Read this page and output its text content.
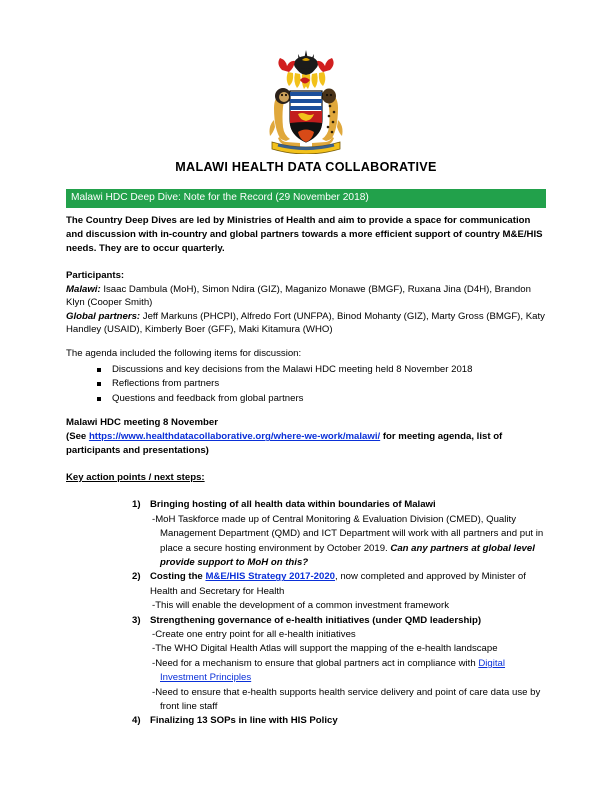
MALAWI HEALTH DATA COLLABORATIVE
Malawi HDC Deep Dive: Note for the Record (29 November 2018)
The Country Deep Dives are led by Ministries of Health and aim to provide a space for communication and discussion with in-country and global partners towards a more efficient support of country M&E/HIS needs. They are to occur quarterly.
Participants:
Malawi: Isaac Dambula (MoH), Simon Ndira (GIZ), Maganizo Monawe (BMGF), Ruxana Jina (D4H), Brandon Klyn (Cooper Smith)
Global partners: Jeff Markuns (PHCPI), Alfredo Fort (UNFPA), Binod Mohanty (GIZ), Marty Gross (BMGF), Katy Handley (USAID), Kimberly Boer (GFF), Maki Kitamura (WHO)
The agenda included the following items for discussion:
Discussions and key decisions from the Malawi HDC meeting held 8 November 2018
Reflections from partners
Questions and feedback from global partners
Malawi HDC meeting 8 November
(See https://www.healthdatacollaborative.org/where-we-work/malawi/ for meeting agenda, list of participants and presentations)
Key action points / next steps:
1) Bringing hosting of all health data within boundaries of Malawi
-MoH Taskforce made up of Central Monitoring & Evaluation Division (CMED), Quality Management Department (QMD) and ICT Department will work with all partners and put in place a secure hosting environment by October 2019. Can any partners at global level provide support to MoH on this?
2) Costing the M&E/HIS Strategy 2017-2020, now completed and approved by Minister of Health and Secretary for Health
-This will enable the development of a common investment framework
3) Strengthening governance of e-health initiatives (under QMD leadership)
-Create one entry point for all e-health initiatives
-The WHO Digital Health Atlas will support the mapping of the e-health landscape
-Need for a mechanism to ensure that global partners act in compliance with Digital Investment Principles
-Need to ensure that e-health supports health service delivery and point of care data use by front line staff
4) Finalizing 13 SOPs in line with HIS Policy
